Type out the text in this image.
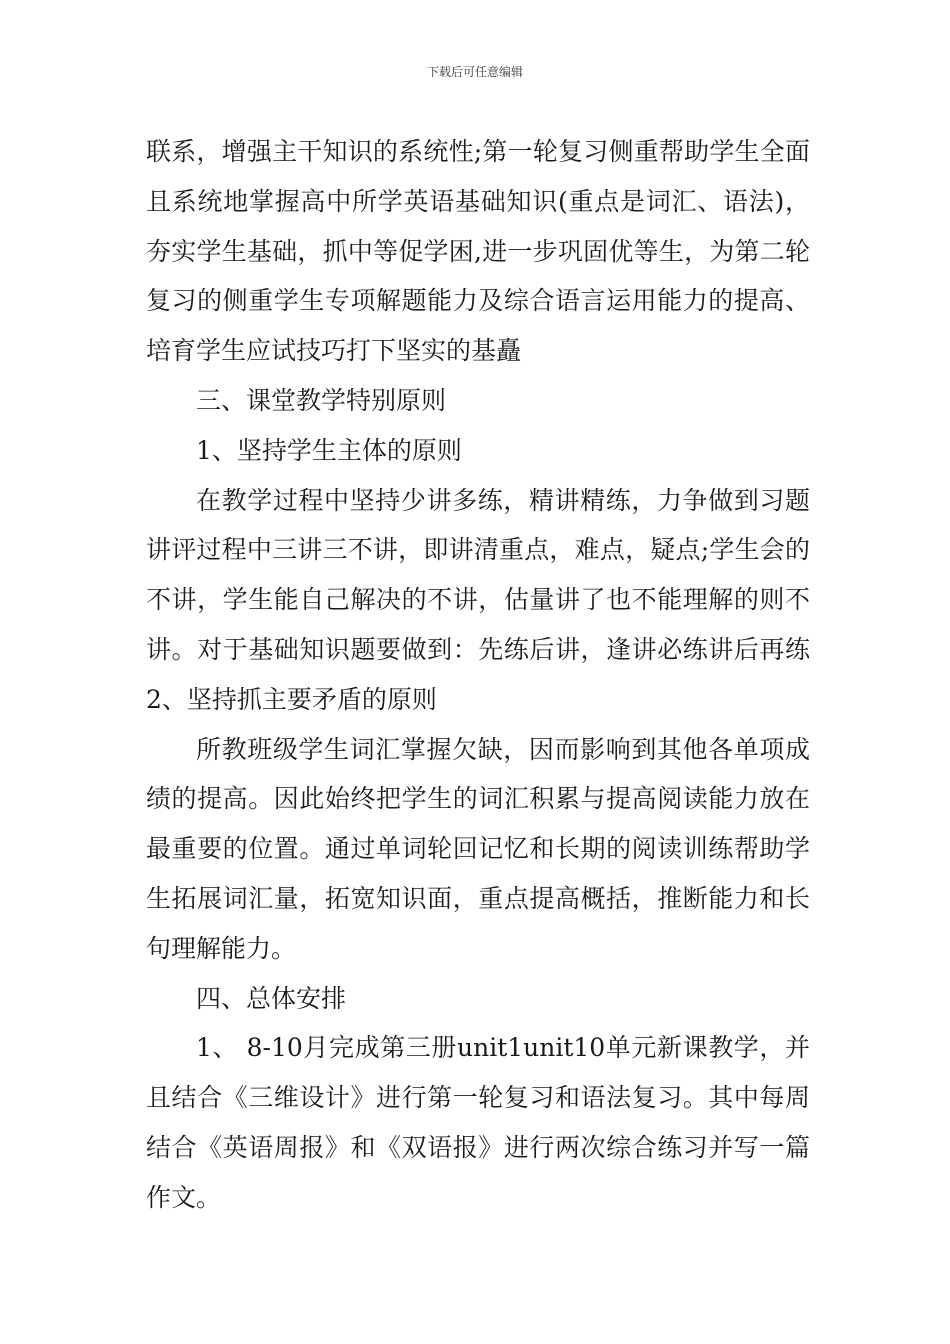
下载后可任意编辑

联系，增强主干知识的系统性;第一轮复习侧重帮助学生全面且系统地掌握高中所学英语基础知识(重点是词汇、语法)，夯实学生基础，抓中等促学困,进一步巩固优等生，为第二轮复习的侧重学生专项解题能力及综合语言运用能力的提高、培育学生应试技巧打下坚实的基矗

三、课堂教学特别原则

1、坚持学生主体的原则

在教学过程中坚持少讲多练，精讲精练，力争做到习题讲评过程中三讲三不讲，即讲清重点，难点，疑点;学生会的不讲，学生能自己解决的不讲，估量讲了也不能理解的则不讲。对于基础知识题要做到：先练后讲，逢讲必练讲后再练2、坚持抓主要矛盾的原则

所教班级学生词汇掌握欠缺，因而影响到其他各单项成绩的提高。因此始终把学生的词汇积累与提高阅读能力放在最重要的位置。通过单词轮回记忆和长期的阅读训练帮助学生拓展词汇量，拓宽知识面，重点提高概括，推断能力和长句理解能力。

四、总体安排

1、 8-10月完成第三册unit1unit10单元新课教学，并且结合《三维设计》进行第一轮复习和语法复习。其中每周结合《英语周报》和《双语报》进行两次综合练习并写一篇作文。
